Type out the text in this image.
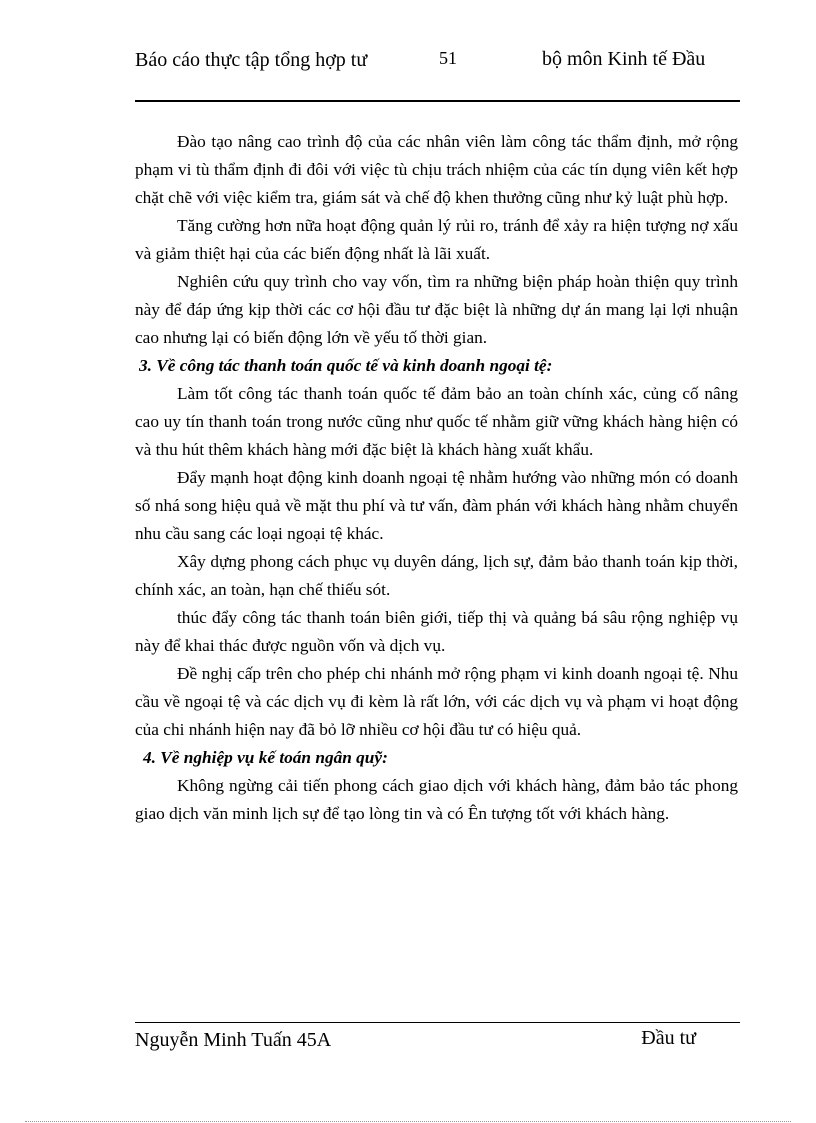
Báo cáo thực tập tổng hợp tư	51	bộ môn Kinh tế Đầu

Đào tạo nâng cao trình độ của các nhân viên làm công tác thẩm định, mở rộng phạm vi tù thẩm định đi đôi với việc tù chịu trách nhiệm của các tín dụng viên kết hợp chặt chẽ với việc kiểm tra, giám sát và chế độ khen thưởng cũng như kỷ luật phù hợp.

Tăng cường hơn nữa hoạt động quản lý rủi ro, tránh để xảy ra hiện tượng nợ xấu và giảm thiệt hại của các biến động nhất là lãi xuất.

Nghiên cứu quy trình cho vay vốn, tìm ra những biện pháp hoàn thiện quy trình này để đáp ứng kịp thời các cơ hội đầu tư đặc biệt là những dự án mang lại lợi nhuận cao nhưng lại có biến động lớn về yếu tố thời gian.

3. Về công tác thanh toán quốc tế và kinh doanh ngoại tệ:

Làm tốt công tác thanh toán quốc tế đảm bảo an toàn chính xác, củng cố nâng cao uy tín thanh toán trong nước cũng như quốc tế nhằm giữ vững khách hàng hiện có và thu hút thêm khách hàng mới đặc biệt là khách hàng xuất khẩu.

Đẩy mạnh hoạt động kinh doanh ngoại tệ nhằm hướng vào những món có doanh số nhá song hiệu quả về mặt thu phí và tư vấn, đàm phán với khách hàng nhằm chuyển nhu cầu sang các loại ngoại tệ khác.

Xây dựng phong cách phục vụ duyên dáng, lịch sự, đảm bảo thanh toán kịp thời, chính xác, an toàn, hạn chế thiếu sót.

thúc đẩy công tác thanh toán biên giới, tiếp thị và quảng bá sâu rộng nghiệp vụ này để khai thác được nguồn vốn và dịch vụ.

Đề nghị cấp trên cho phép chi nhánh mở rộng phạm vi kinh doanh ngoại tệ. Nhu cầu về ngoại tệ và các dịch vụ đi kèm là rất lớn, với các dịch vụ và phạm vi hoạt động của chi nhánh hiện nay đã bỏ lỡ nhiều cơ hội đầu tư có hiệu quả.

4. Về nghiệp vụ kế toán ngân quỹ:

Không ngừng cải tiến phong cách giao dịch với khách hàng, đảm bảo tác phong giao dịch văn minh lịch sự để tạo lòng tin và có Ên tượng tốt với khách hàng.

Nguyễn Minh Tuấn 45A	Đầu tư
